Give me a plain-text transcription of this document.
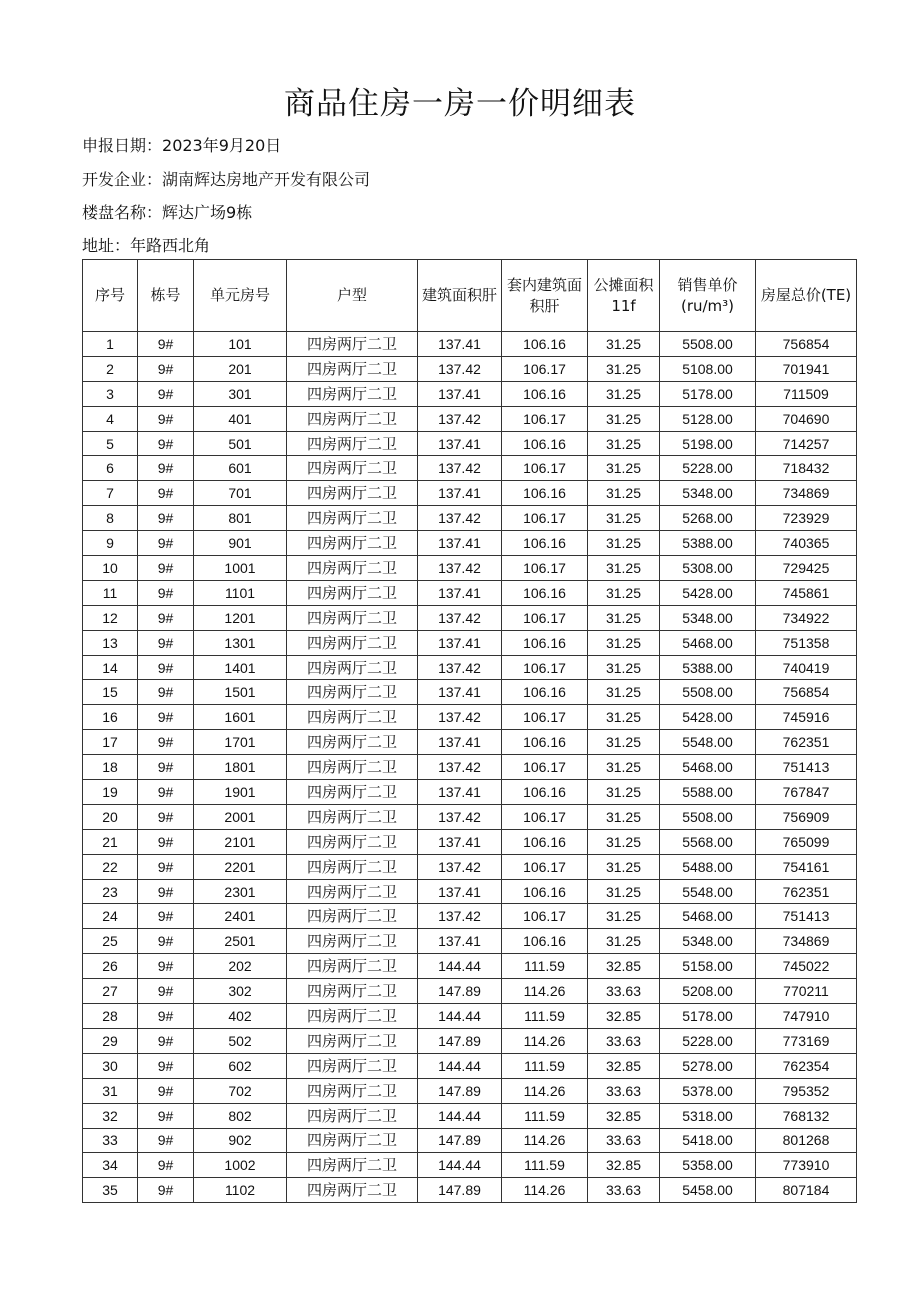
商品住房一房一价明细表
申报日期：2023年9月20日
开发企业：湖南辉达房地产开发有限公司
楼盘名称：辉达广场9栋
地址：年路西北角
序号	栋号	单元房号	户型	建筑面积肝	套内建筑面积肝	公摊面积11f	销售单价(ru∕m³)	房屋总价(TE)
1	9#	101	四房两厅二卫	137.41	106.16	31.25	5508.00	756854
2	9#	201	四房两厅二卫	137.42	106.17	31.25	5108.00	701941
3	9#	301	四房两厅二卫	137.41	106.16	31.25	5178.00	711509
4	9#	401	四房两厅二卫	137.42	106.17	31.25	5128.00	704690
5	9#	501	四房两厅二卫	137.41	106.16	31.25	5198.00	714257
6	9#	601	四房两厅二卫	137.42	106.17	31.25	5228.00	718432
7	9#	701	四房两厅二卫	137.41	106.16	31.25	5348.00	734869
8	9#	801	四房两厅二卫	137.42	106.17	31.25	5268.00	723929
9	9#	901	四房两厅二卫	137.41	106.16	31.25	5388.00	740365
10	9#	1001	四房两厅二卫	137.42	106.17	31.25	5308.00	729425
11	9#	1101	四房两厅二卫	137.41	106.16	31.25	5428.00	745861
12	9#	1201	四房两厅二卫	137.42	106.17	31.25	5348.00	734922
13	9#	1301	四房两厅二卫	137.41	106.16	31.25	5468.00	751358
14	9#	1401	四房两厅二卫	137.42	106.17	31.25	5388.00	740419
15	9#	1501	四房两厅二卫	137.41	106.16	31.25	5508.00	756854
16	9#	1601	四房两厅二卫	137.42	106.17	31.25	5428.00	745916
17	9#	1701	四房两厅二卫	137.41	106.16	31.25	5548.00	762351
18	9#	1801	四房两厅二卫	137.42	106.17	31.25	5468.00	751413
19	9#	1901	四房两厅二卫	137.41	106.16	31.25	5588.00	767847
20	9#	2001	四房两厅二卫	137.42	106.17	31.25	5508.00	756909
21	9#	2101	四房两厅二卫	137.41	106.16	31.25	5568.00	765099
22	9#	2201	四房两厅二卫	137.42	106.17	31.25	5488.00	754161
23	9#	2301	四房两厅二卫	137.41	106.16	31.25	5548.00	762351
24	9#	2401	四房两厅二卫	137.42	106.17	31.25	5468.00	751413
25	9#	2501	四房两厅二卫	137.41	106.16	31.25	5348.00	734869
26	9#	202	四房两厅二卫	144.44	111.59	32.85	5158.00	745022
27	9#	302	四房两厅二卫	147.89	114.26	33.63	5208.00	770211
28	9#	402	四房两厅二卫	144.44	111.59	32.85	5178.00	747910
29	9#	502	四房两厅二卫	147.89	114.26	33.63	5228.00	773169
30	9#	602	四房两厅二卫	144.44	111.59	32.85	5278.00	762354
31	9#	702	四房两厅二卫	147.89	114.26	33.63	5378.00	795352
32	9#	802	四房两厅二卫	144.44	111.59	32.85	5318.00	768132
33	9#	902	四房两厅二卫	147.89	114.26	33.63	5418.00	801268
34	9#	1002	四房两厅二卫	144.44	111.59	32.85	5358.00	773910
35	9#	1102	四房两厅二卫	147.89	114.26	33.63	5458.00	807184
